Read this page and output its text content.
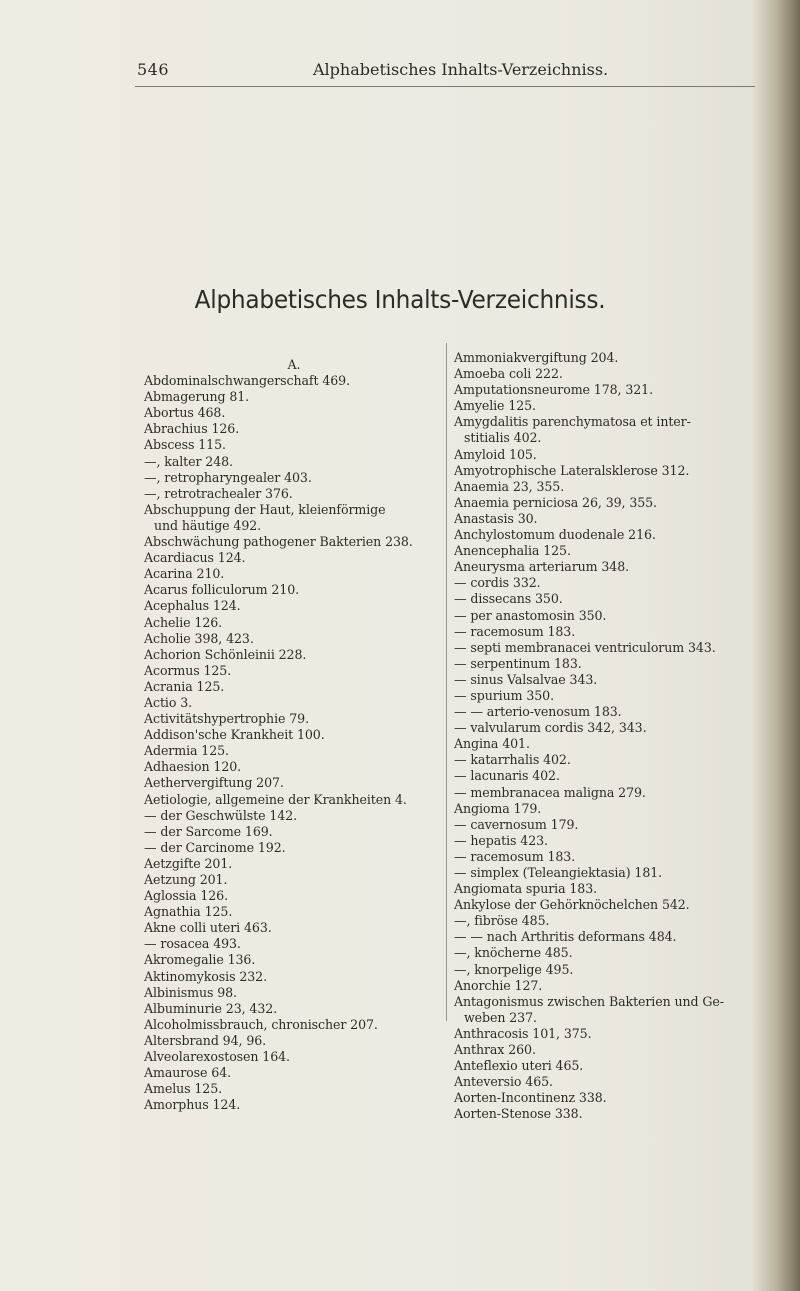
546	Alphabetisches Inhalts-Verzeichniss.
Alphabetisches Inhalts-Verzeichniss.
A.
Abdominalschwangerschaft 469.
Abmagerung 81.
Abortus 468.
Abrachius 126.
Abscess 115.
—, kalter 248.
—, retropharyngealer 403.
—, retrotrachealer 376.
Abschuppung der Haut, kleienförmige
und häutige 492.
Abschwächung pathogener Bakterien 238.
Acardiacus 124.
Acarina 210.
Acarus folliculorum 210.
Acephalus 124.
Achelie 126.
Acholie 398, 423.
Achorion Schönleinii 228.
Acormus 125.
Acrania 125.
Actio 3.
Activitätshypertrophie 79.
Addison'sche Krankheit 100.
Adermia 125.
Adhaesion 120.
Aethervergiftung 207.
Aetiologie, allgemeine der Krankheiten 4.
— der Geschwülste 142.
— der Sarcome 169.
— der Carcinome 192.
Aetzgifte 201.
Aetzung 201.
Aglossia 126.
Agnathia 125.
Akne colli uteri 463.
— rosacea 493.
Akromegalie 136.
Aktinomykosis 232.
Albinismus 98.
Albuminurie 23, 432.
Alcoholmissbrauch, chronischer 207.
Altersbrand 94, 96.
Alveolarexostosen 164.
Amaurose 64.
Amelus 125.
Amorphus 124.
Ammoniakvergiftung 204.
Amoeba coli 222.
Amputationsneurome 178, 321.
Amyelie 125.
Amygdalitis parenchymatosa et inter-
stitialis 402.
Amyloid 105.
Amyotrophische Lateralsklerose 312.
Anaemia 23, 355.
Anaemia perniciosa 26, 39, 355.
Anastasis 30.
Anchylostomum duodenale 216.
Anencephalia 125.
Aneurysma arteriarum 348.
— cordis 332.
— dissecans 350.
— per anastomosin 350.
— racemosum 183.
— septi membranacei ventriculorum 343.
— serpentinum 183.
— sinus Valsalvae 343.
— spurium 350.
— — arterio-venosum 183.
— valvularum cordis 342, 343.
Angina 401.
— katarrhalis 402.
— lacunaris 402.
— membranacea maligna 279.
Angioma 179.
— cavernosum 179.
— hepatis 423.
— racemosum 183.
— simplex (Teleangiektasia) 181.
Angiomata spuria 183.
Ankylose der Gehörknöchelchen 542.
—, fibröse 485.
— — nach Arthritis deformans 484.
—, knöcherne 485.
—, knorpelige 495.
Anorchie 127.
Antagonismus zwischen Bakterien und Ge-
weben 237.
Anthracosis 101, 375.
Anthrax 260.
Anteflexio uteri 465.
Anteversio 465.
Aorten-Incontinenz 338.
Aorten-Stenose 338.
